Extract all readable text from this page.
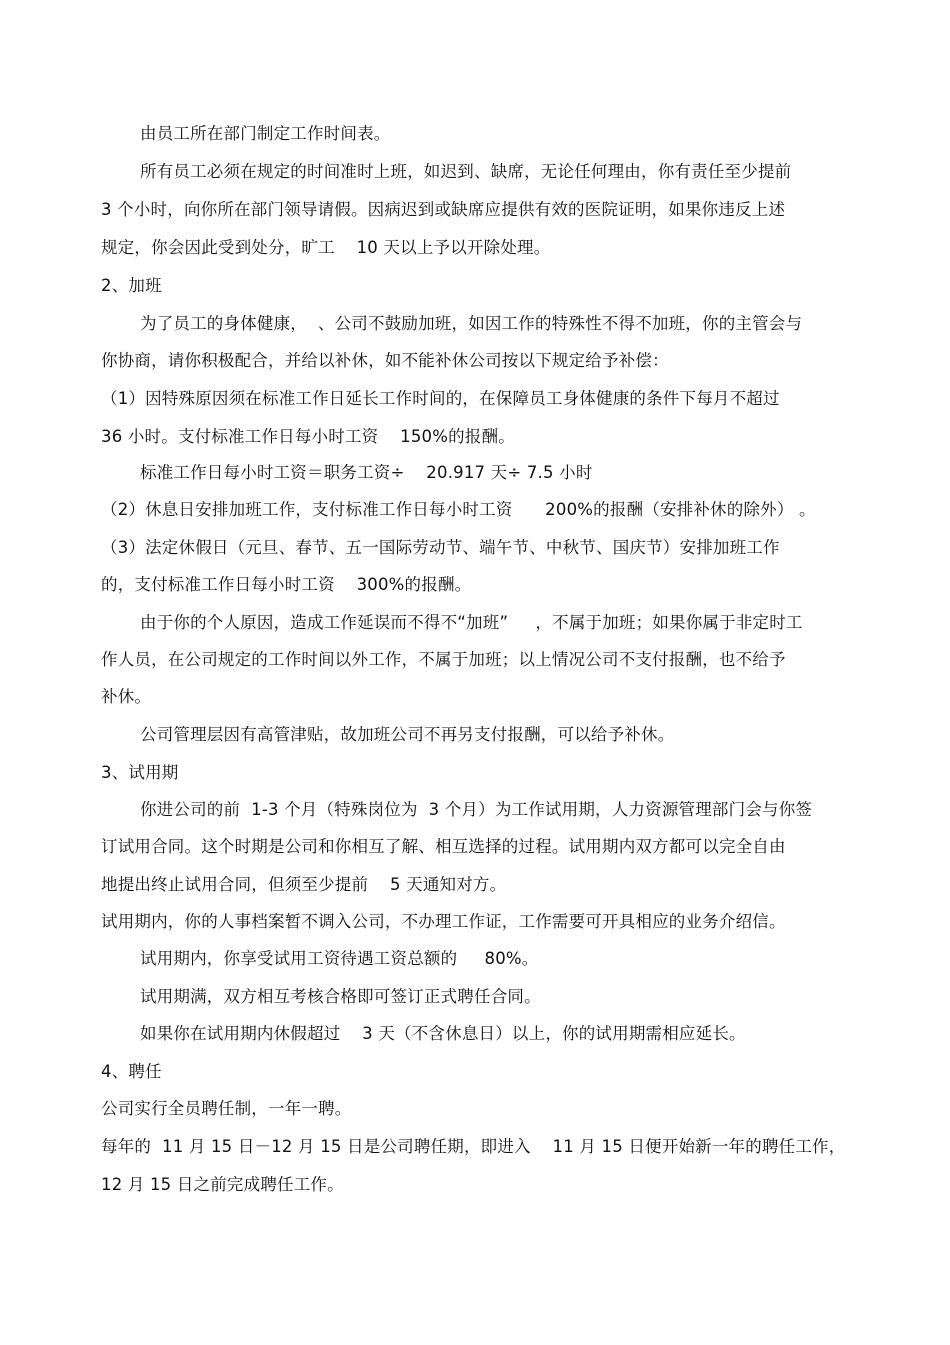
由员工所在部门制定工作时间表。
所有员工必须在规定的时间准时上班，如迟到、缺席，无论任何理由，你有责任至少提前
3 个小时，向你所在部门领导请假。因病迟到或缺席应提供有效的医院证明，如果你违反上述
规定，你会因此受到处分，旷工    10 天以上予以开除处理。
2、加班
为了员工的身体健康，  、公司不鼓励加班，如因工作的特殊性不得不加班，你的主管会与
你协商，请你积极配合，并给以补休，如不能补休公司按以下规定给予补偿：
（1）因特殊原因须在标准工作日延长工作时间的，在保障员工身体健康的条件下每月不超过
36 小时。支付标准工作日每小时工资    150%的报酬。
标准工作日每小时工资＝职务工资÷    20.917 天÷ 7.5 小时
（2）休息日安排加班工作，支付标准工作日每小时工资      200%的报酬（安排补休的除外） 。
（3）法定休假日（元旦、春节、五一国际劳动节、端午节、中秋节、国庆节）安排加班工作
的，支付标准工作日每小时工资    300%的报酬。
由于你的个人原因，造成工作延误而不得不“加班”     ，不属于加班；如果你属于非定时工
作人员，在公司规定的工作时间以外工作，不属于加班；以上情况公司不支付报酬，也不给予
补休。
公司管理层因有高管津贴，故加班公司不再另支付报酬，可以给予补休。
3、试用期
你进公司的前  1-3 个月（特殊岗位为  3 个月）为工作试用期，人力资源管理部门会与你签
订试用合同。这个时期是公司和你相互了解、相互选择的过程。试用期内双方都可以完全自由
地提出终止试用合同，但须至少提前    5 天通知对方。
试用期内，你的人事档案暂不调入公司，不办理工作证，工作需要可开具相应的业务介绍信。
试用期内，你享受试用工资待遇工资总额的     80%。
试用期满，双方相互考核合格即可签订正式聘任合同。
如果你在试用期内休假超过    3 天（不含休息日）以上，你的试用期需相应延长。
4、聘任
公司实行全员聘任制，一年一聘。
每年的  11 月 15 日－12 月 15 日是公司聘任期，即进入    11 月 15 日便开始新一年的聘任工作，
12 月 15 日之前完成聘任工作。
